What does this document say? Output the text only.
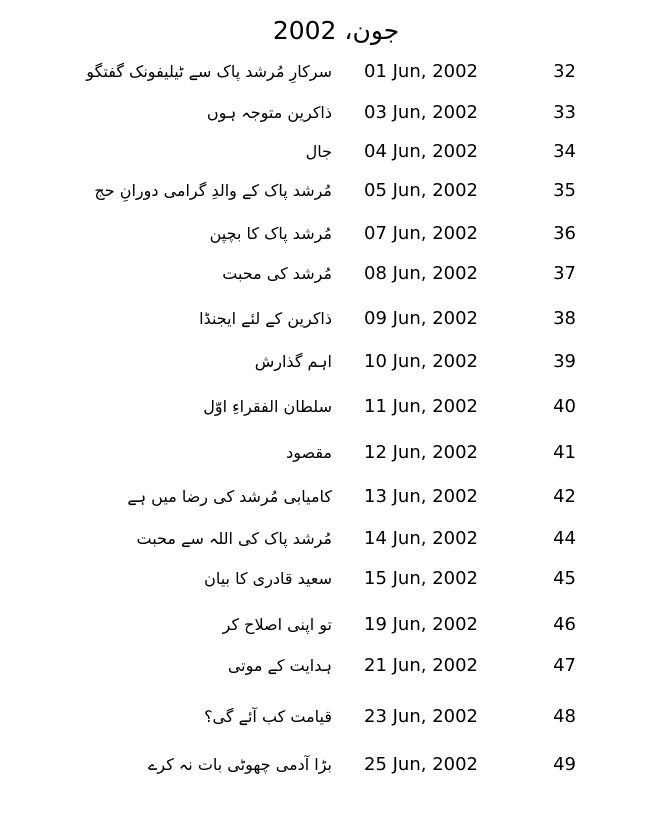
جون، 2002
سرکارِ مُرشد پاک سے ٹیلیفونک گفتگو 01 Jun, 2002	32
ذاکرین متوجہ ہوں 03 Jun, 2002	33
جال 04 Jun, 2002	34
مُرشد پاک کے والدِ گرامی دورانِ حج 05 Jun, 2002	35
مُرشد پاک کا بچپن 07 Jun, 2002	36
مُرشد کی محبت 08 Jun, 2002	37
ذاکرین کے لئے ایجنڈا 09 Jun, 2002	38
اہم گذارش 10 Jun, 2002	39
سلطان الفقراءِ اوّل 11 Jun, 2002	40
مقصود 12 Jun, 2002	41
کامیابی مُرشد کی رضا میں ہے 13 Jun, 2002	42
مُرشد پاک کی اللہ سے محبت 14 Jun, 2002	44
سعید قادری کا بیان 15 Jun, 2002	45
تو اپنی اصلاح کر 19 Jun, 2002	46
ہدایت کے موتی 21 Jun, 2002	47
قیامت کب آئے گی؟ 23 Jun, 2002	48
بڑا آدمی چھوٹی بات نہ کرے 25 Jun, 2002	49
